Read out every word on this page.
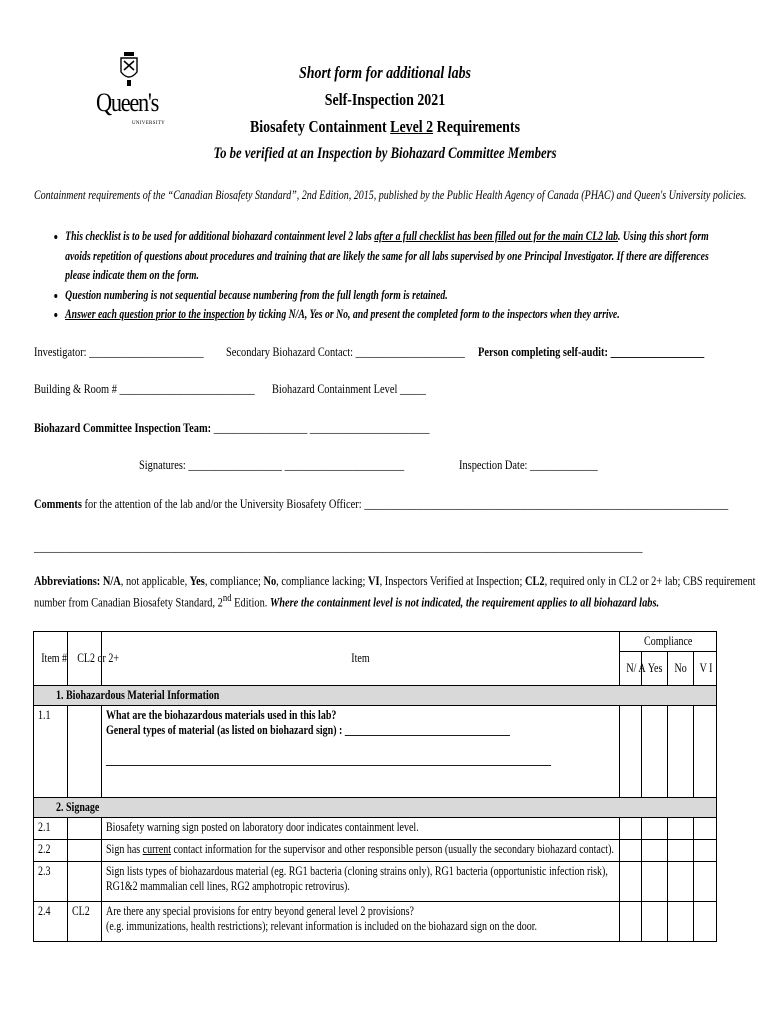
Queen's
UNIVERSITY
Short form for additional labs
Self-Inspection 2021
Biosafety Containment Level 2 Requirements
To be verified at an Inspection by Biohazard Committee Members
Containment requirements of the “Canadian Biosafety Standard”, 2nd Edition, 2015, published by the Public Health Agency of Canada (PHAC) and Queen's University policies.
• This checklist is to be used for additional biohazard containment level 2 labs after a full checklist has been filled out for the main CL2 lab. Using this short form avoids repetition of questions about procedures and training that are likely the same for all labs supervised by one Principal Investigator. If there are differences please indicate them on the form.
• Question numbering is not sequential because numbering from the full length form is retained.
• Answer each question prior to the inspection by ticking N/A, Yes or No, and present the completed form to the inspectors when they arrive.
Investigator: ______________________ Secondary Biohazard Contact: _____________________ Person completing self-audit: __________________
Building & Room # __________________________ Biohazard Containment Level _____
Biohazard Committee Inspection Team: __________________ _______________________
Signatures: __________________ _______________________	Inspection Date: _____________
Comments for the attention of the lab and/or the University Biosafety Officer: ______________________________________________________________________
_____________________________________________________________________________________________________________________
Abbreviations: N/A, not applicable, Yes, compliance; No, compliance lacking; VI, Inspectors Verified at Inspection; CL2, required only in CL2 or 2+ lab; CBS requirement
number from Canadian Biosafety Standard, 2nd Edition. Where the containment level is not indicated, the requirement applies to all biohazard labs.
Item #	CL2 or 2+	Item	Compliance			
			N/ A	Yes	No	V I
1. Biohazardous Material Information						
1.1		What are the biohazardous materials used in this lab?
General types of material (as listed on biohazard sign) : _________________________________

_________________________________________________________________________________________				
2. Signage						
2.1		Biosafety warning sign posted on laboratory door indicates containment level.				
2.2		Sign has current contact information for the supervisor and other responsible person (usually the secondary biohazard contact).				
2.3		Sign lists types of biohazardous material (eg. RG1 bacteria (cloning strains only), RG1 bacteria (opportunistic infection risk),
RG1&2 mammalian cell lines, RG2 amphotropic retrovirus).				
2.4	CL2	Are there any special provisions for entry beyond general level 2 provisions?
(e.g. immunizations, health restrictions); relevant information is included on the biohazard sign on the door.				
